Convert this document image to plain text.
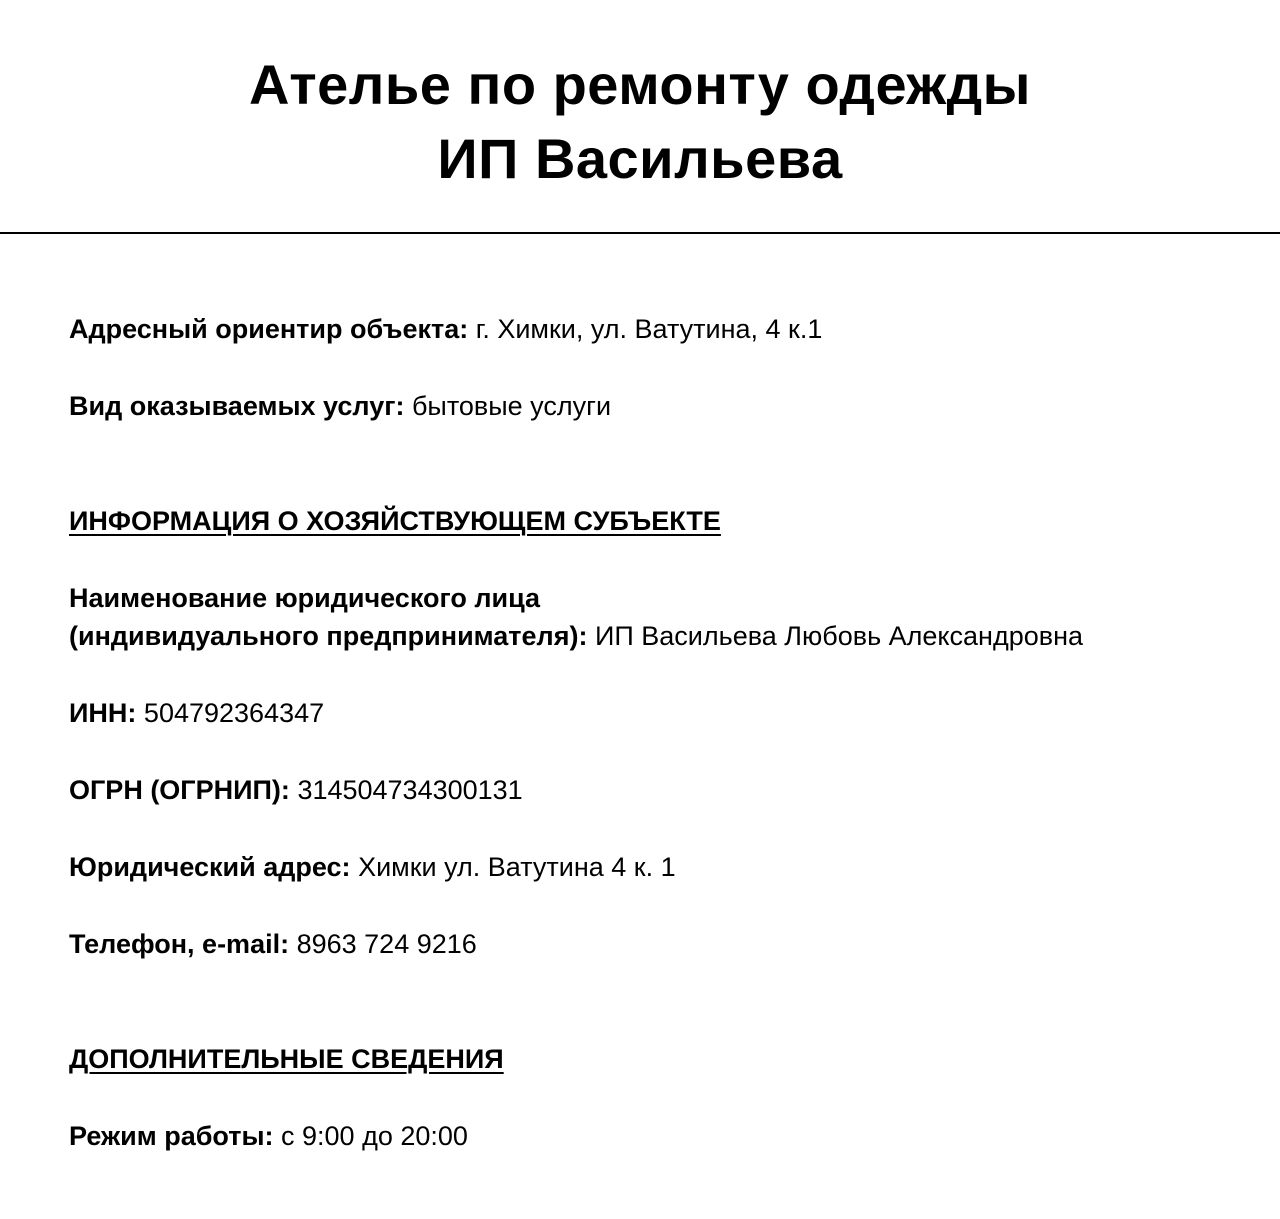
Ателье по ремонту одежды
ИП Васильева
Адресный ориентир объекта: г. Химки, ул. Ватутина, 4 к.1
Вид оказываемых услуг: бытовые услуги
ИНФОРМАЦИЯ О ХОЗЯЙСТВУЮЩЕМ СУБЪЕКТЕ
Наименование юридического лица
(индивидуального предпринимателя): ИП Васильева Любовь Александровна
ИНН: 504792364347
ОГРН (ОГРНИП): 314504734300131
Юридический адрес: Химки ул. Ватутина 4 к. 1
Телефон, e-mail: 8963 724 9216
ДОПОЛНИТЕЛЬНЫЕ СВЕДЕНИЯ
Режим работы: с 9:00 до 20:00
